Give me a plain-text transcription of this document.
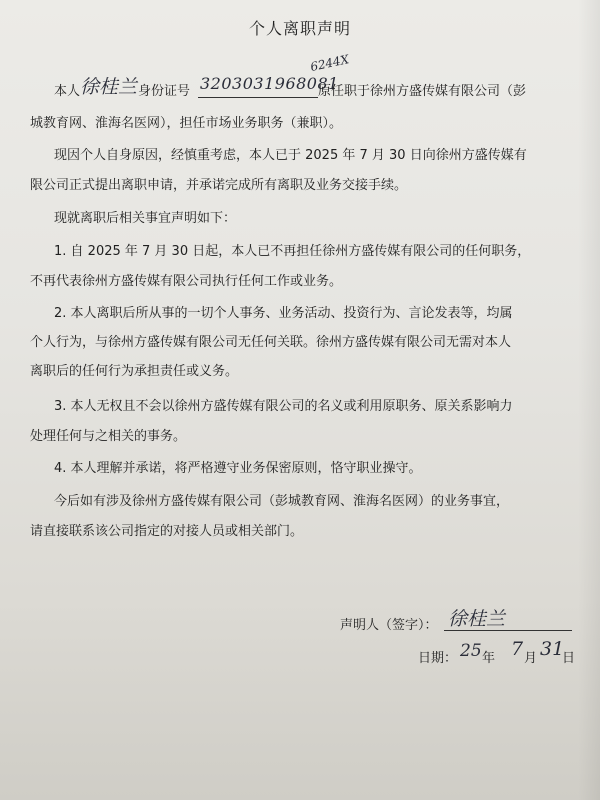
个人离职声明
本人 徐桂兰 身份证号 3203031968081
6244X
原任职于徐州方盛传媒有限公司（彭
城教育网、淮海名医网），担任市场业务职务（兼职）。
现因个人自身原因，经慎重考虑，本人已于 2025 年 7 月 30 日向徐州方盛传媒有
限公司正式提出离职申请，并承诺完成所有离职及业务交接手续。
现就离职后相关事宜声明如下：
1. 自 2025 年 7 月 30 日起，本人已不再担任徐州方盛传媒有限公司的任何职务，
不再代表徐州方盛传媒有限公司执行任何工作或业务。
2. 本人离职后所从事的一切个人事务、业务活动、投资行为、言论发表等，均属
个人行为，与徐州方盛传媒有限公司无任何关联。徐州方盛传媒有限公司无需对本人
离职后的任何行为承担责任或义务。
3. 本人无权且不会以徐州方盛传媒有限公司的名义或利用原职务、原关系影响力
处理任何与之相关的事务。
4. 本人理解并承诺，将严格遵守业务保密原则，恪守职业操守。
今后如有涉及徐州方盛传媒有限公司（彭城教育网、淮海名医网）的业务事宜，
请直接联系该公司指定的对接人员或相关部门。
声明人（签字）： 徐桂兰
日期： 25 年 7 月 31
日
